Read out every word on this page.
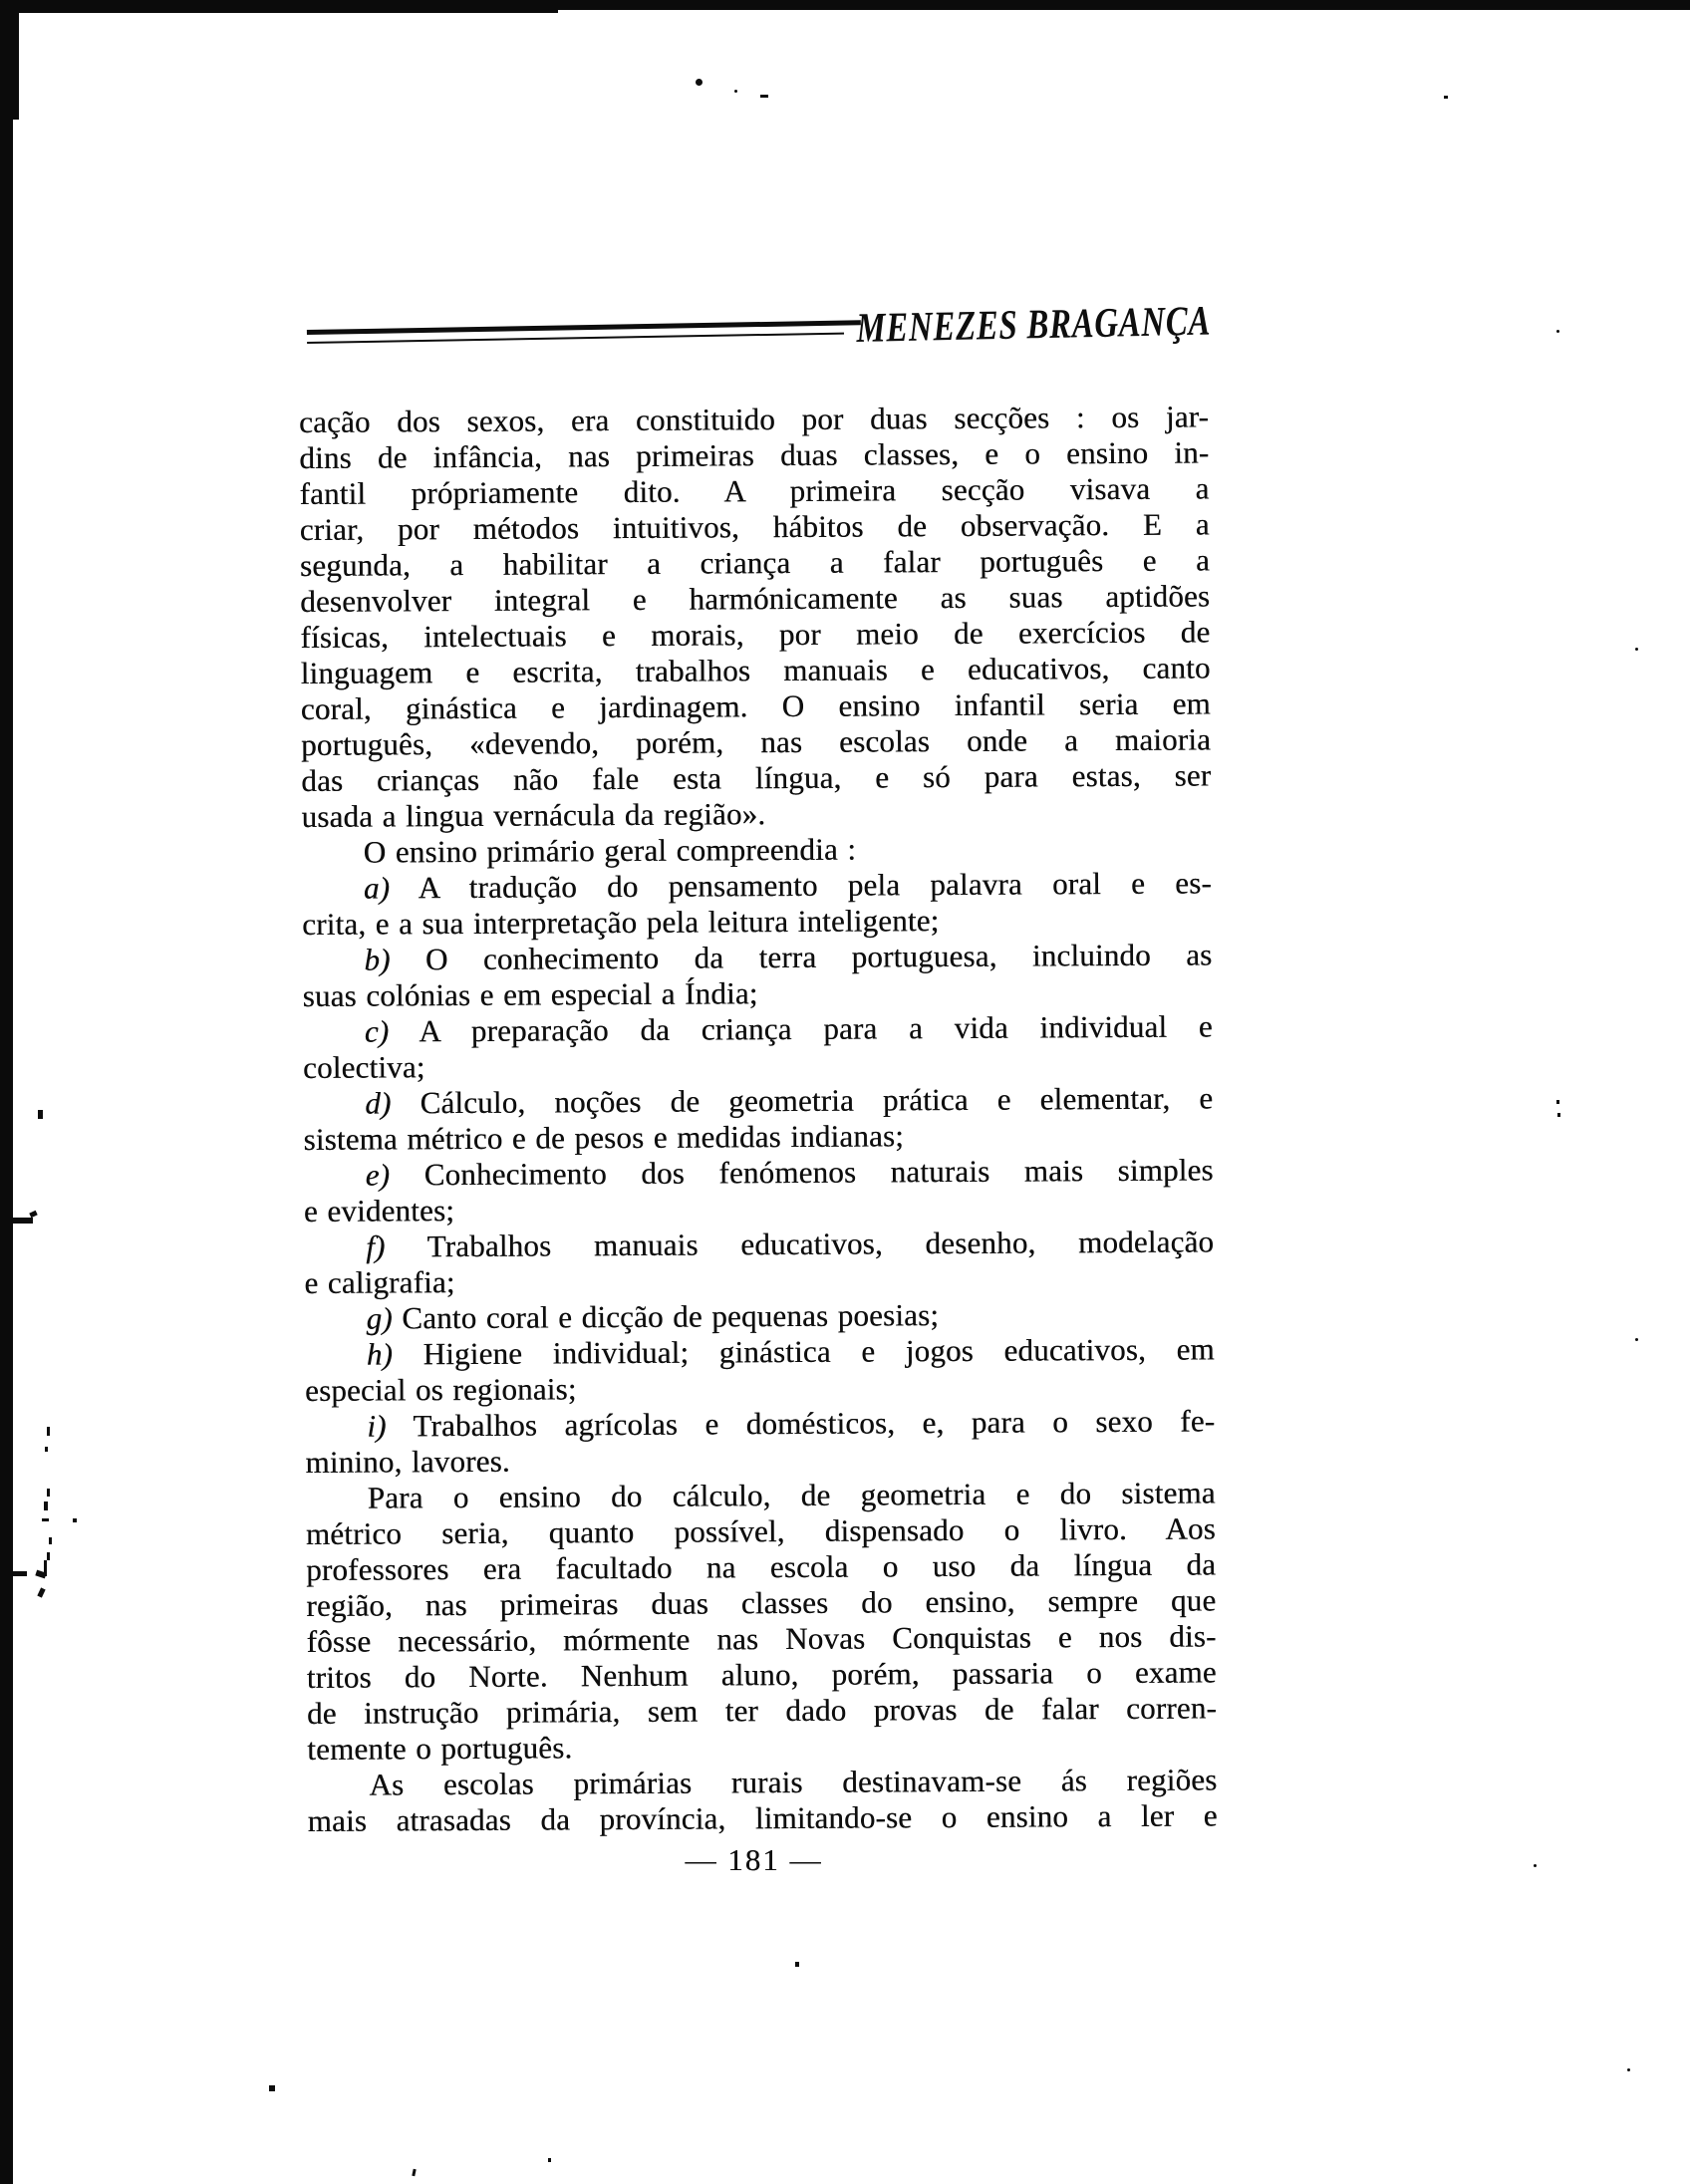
MENEZES BRAGANÇA
cação dos sexos, era constituido por duas secções : os jar-
dins de infância, nas primeiras duas classes, e o ensino in-
fantil própriamente dito. A primeira secção visava a
criar, por métodos intuitivos, hábitos de observação. E a
segunda, a habilitar a criança a falar português e a
desenvolver integral e harmónicamente as suas aptidões
físicas, intelectuais e morais, por meio de exercícios de
linguagem e escrita, trabalhos manuais e educativos, canto
coral, ginástica e jardinagem. O ensino infantil seria em
português, «devendo, porém, nas escolas onde a maioria
das crianças não fale esta língua, e só para estas, ser
usada a lingua vernácula da região».
O ensino primário geral compreendia :
a) A tradução do pensamento pela palavra oral e es-
crita, e a sua interpretação pela leitura inteligente;
b) O conhecimento da terra portuguesa, incluindo as
suas colónias e em especial a Índia;
c) A preparação da criança para a vida individual e
colectiva;
d) Cálculo, noções de geometria prática e elementar, e
sistema métrico e de pesos e medidas indianas;
e) Conhecimento dos fenómenos naturais mais simples
e evidentes;
f) Trabalhos manuais educativos, desenho, modelação
e caligrafia;
g) Canto coral e dicção de pequenas poesias;
h) Higiene individual; ginástica e jogos educativos, em
especial os regionais;
i) Trabalhos agrícolas e domésticos, e, para o sexo fe-
minino, lavores.
Para o ensino do cálculo, de geometria e do sistema
métrico seria, quanto possível, dispensado o livro. Aos
professores era facultado na escola o uso da língua da
região, nas primeiras duas classes do ensino, sempre que
fôsse necessário, mórmente nas Novas Conquistas e nos dis-
tritos do Norte. Nenhum aluno, porém, passaria o exame
de instrução primária, sem ter dado provas de falar corren-
temente o português.
As escolas primárias rurais destinavam-se ás regiões
mais atrasadas da província, limitando-se o ensino a ler e
— 181 —
